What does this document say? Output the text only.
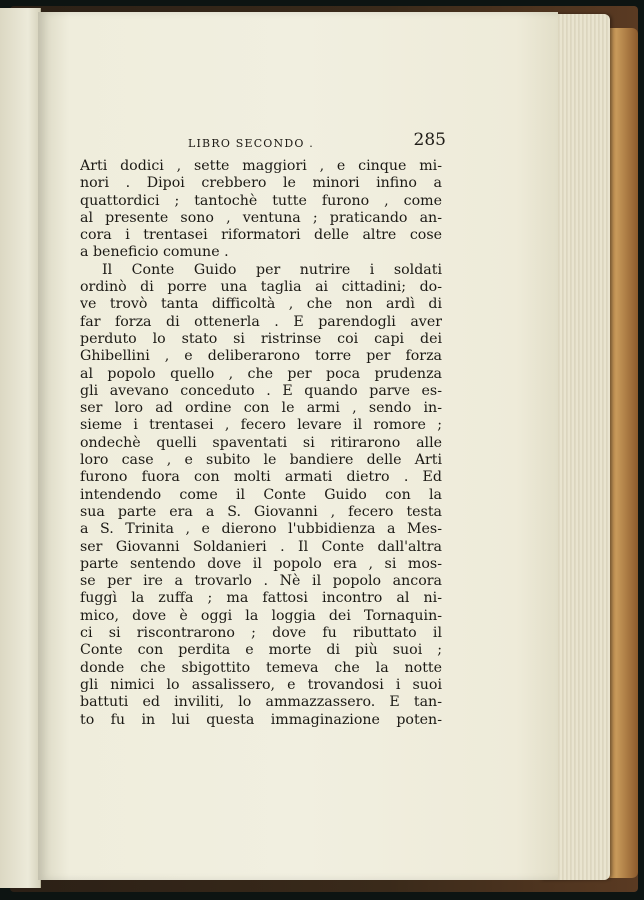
LIBRO SECONDO .	285
Arti dodici , sette maggiori , e cinque mi-
nori . Dipoi crebbero le minori infino a
quattordici ; tantochè tutte furono , come
al presente sono , ventuna ; praticando an-
cora i trentasei riformatori delle altre cose
a beneficio comune .
Il Conte Guido per nutrire i soldati
ordinò di porre una taglia ai cittadini; do-
ve trovò tanta difficoltà , che non ardì di
far forza di ottenerla . E parendogli aver
perduto lo stato si ristrinse coi capi dei
Ghibellini , e deliberarono torre per forza
al popolo quello , che per poca prudenza
gli avevano conceduto . E quando parve es-
ser loro ad ordine con le armi , sendo in-
sieme i trentasei , fecero levare il romore ;
ondechè quelli spaventati si ritirarono alle
loro case , e subito le bandiere delle Arti
furono fuora con molti armati dietro . Ed
intendendo come il Conte Guido con la
sua parte era a S. Giovanni , fecero testa
a S. Trinita , e dierono l'ubbidienza a Mes-
ser Giovanni Soldanieri . Il Conte dall'altra
parte sentendo dove il popolo era , si mos-
se per ire a trovarlo . Nè il popolo ancora
fuggì la zuffa ; ma fattosi incontro al ni-
mico, dove è oggi la loggia dei Tornaquin-
ci si riscontrarono ; dove fu ributtato il
Conte con perdita e morte di più suoi ;
donde che sbigottito temeva che la notte
gli nimici lo assalissero, e trovandosi i suoi
battuti ed inviliti, lo ammazzassero. E tan-
to fu in lui questa immaginazione poten-
